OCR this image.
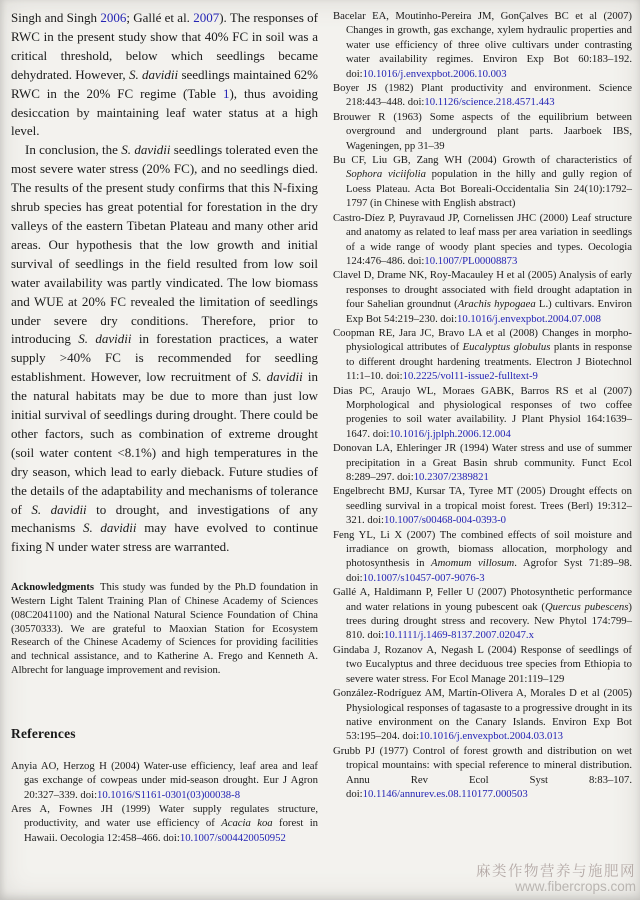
Singh and Singh 2006; Gallé et al. 2007). The responses of RWC in the present study show that 40% FC in soil was a critical threshold, below which seedlings became dehydrated. However, S. davidii seedlings maintained 62% RWC in the 20% FC regime (Table 1), thus avoiding desiccation by maintaining leaf water status at a high level.

In conclusion, the S. davidii seedlings tolerated even the most severe water stress (20% FC), and no seedlings died. The results of the present study confirms that this N-fixing shrub species has great potential for forestation in the dry valleys of the eastern Tibetan Plateau and many other arid areas. Our hypothesis that the low growth and initial survival of seedlings in the field resulted from low soil water availability was partly vindicated. The low biomass and WUE at 20% FC revealed the limitation of seedlings under severe dry conditions. Therefore, prior to introducing S. davidii in forestation practices, a water supply >40% FC is recommended for seedling establishment. However, low recruitment of S. davidii in the natural habitats may be due to more than just low initial survival of seedlings during drought. There could be other factors, such as combination of extreme drought (soil water content <8.1%) and high temperatures in the dry season, which lead to early dieback. Future studies of the details of the adaptability and mechanisms of tolerance of S. davidii to drought, and investigations of any mechanisms S. davidii may have evolved to continue fixing N under water stress are warranted.

Acknowledgments This study was funded by the Ph.D foundation in Western Light Talent Training Plan of Chinese Academy of Sciences (08C2041100) and the National Natural Science Foundation of China (30570333). We are grateful to Maoxian Station for Ecosystem Research of the Chinese Academy of Sciences for providing facilities and technical assistance, and to Katherine A. Frego and Kenneth A. Albrecht for language improvement and revision.

References
Anyia AO, Herzog H (2004) Water-use efficiency, leaf area and leaf gas exchange of cowpeas under mid-season drought. Eur J Agron 20:327–339. doi:10.1016/S1161-0301(03)00038-8
Ares A, Fownes JH (1999) Water supply regulates structure, productivity, and water use efficiency of Acacia koa forest in Hawaii. Oecologia 12:458–466. doi:10.1007/s004420050952
Bacelar EA, Moutinho-Pereira JM, GonÇalves BC et al (2007) Changes in growth, gas exchange, xylem hydraulic properties and water use efficiency of three olive cultivars under contrasting water availability regimes. Environ Exp Bot 60:183–192. doi:10.1016/j.envexpbot.2006.10.003
Boyer JS (1982) Plant productivity and environment. Science 218:443–448. doi:10.1126/science.218.4571.443
Brouwer R (1963) Some aspects of the equilibrium between overground and underground plant parts. Jaarboek IBS, Wageningen, pp 31–39
Bu CF, Liu GB, Zang WH (2004) Growth of characteristics of Sophora viciifolia population in the hilly and gully region of Loess Plateau. Acta Bot Boreali-Occidentalia Sin 24(10):1792–1797 (in Chinese with English abstract)
Castro-Díez P, Puyravaud JP, Cornelissen JHC (2000) Leaf structure and anatomy as related to leaf mass per area variation in seedlings of a wide range of woody plant species and types. Oecologia 124:476–486. doi:10.1007/PL00008873
Clavel D, Drame NK, Roy-Macauley H et al (2005) Analysis of early responses to drought associated with field drought adaptation in four Sahelian groundnut (Arachis hypogaea L.) cultivars. Environ Exp Bot 54:219–230. doi:10.1016/j.envexpbot.2004.07.008
Coopman RE, Jara JC, Bravo LA et al (2008) Changes in morpho-physiological attributes of Eucalyptus globulus plants in response to different drought hardening treatments. Electron J Biotechnol 11:1–10. doi:10.2225/vol11-issue2-fulltext-9
Dias PC, Araujo WL, Moraes GABK, Barros RS et al (2007) Morphological and physiological responses of two coffee progenies to soil water availability. J Plant Physiol 164:1639–1647. doi:10.1016/j.jplph.2006.12.004
Donovan LA, Ehleringer JR (1994) Water stress and use of summer precipitation in a Great Basin shrub community. Funct Ecol 8:289–297. doi:10.2307/2389821
Engelbrecht BMJ, Kursar TA, Tyree MT (2005) Drought effects on seedling survival in a tropical moist forest. Trees (Berl) 19:312–321. doi:10.1007/s00468-004-0393-0
Feng YL, Li X (2007) The combined effects of soil moisture and irradiance on growth, biomass allocation, morphology and photosynthesis in Amomum villosum. Agrofor Syst 71:89–98. doi:10.1007/s10457-007-9076-3
Gallé A, Haldimann P, Feller U (2007) Photosynthetic performance and water relations in young pubescent oak (Quercus pubescens) trees during drought stress and recovery. New Phytol 174:799–810. doi:10.1111/j.1469-8137.2007.02047.x
Gindaba J, Rozanov A, Negash L (2004) Response of seedlings of two Eucalyptus and three deciduous tree species from Ethiopia to severe water stress. For Ecol Manage 201:119–129
González-Rodríguez AM, Martín-Olivera A, Morales D et al (2005) Physiological responses of tagasaste to a progressive drought in its native environment on the Canary Islands. Environ Exp Bot 53:195–204. doi:10.1016/j.envexpbot.2004.03.013
Grubb PJ (1977) Control of forest growth and distribution on wet tropical mountains: with special reference to mineral distribution. Annu Rev Ecol Syst 8:83–107. doi:10.1146/annurev.es.08.110177.000503
麻类作物营养与施肥网
www.fibercrops.com
